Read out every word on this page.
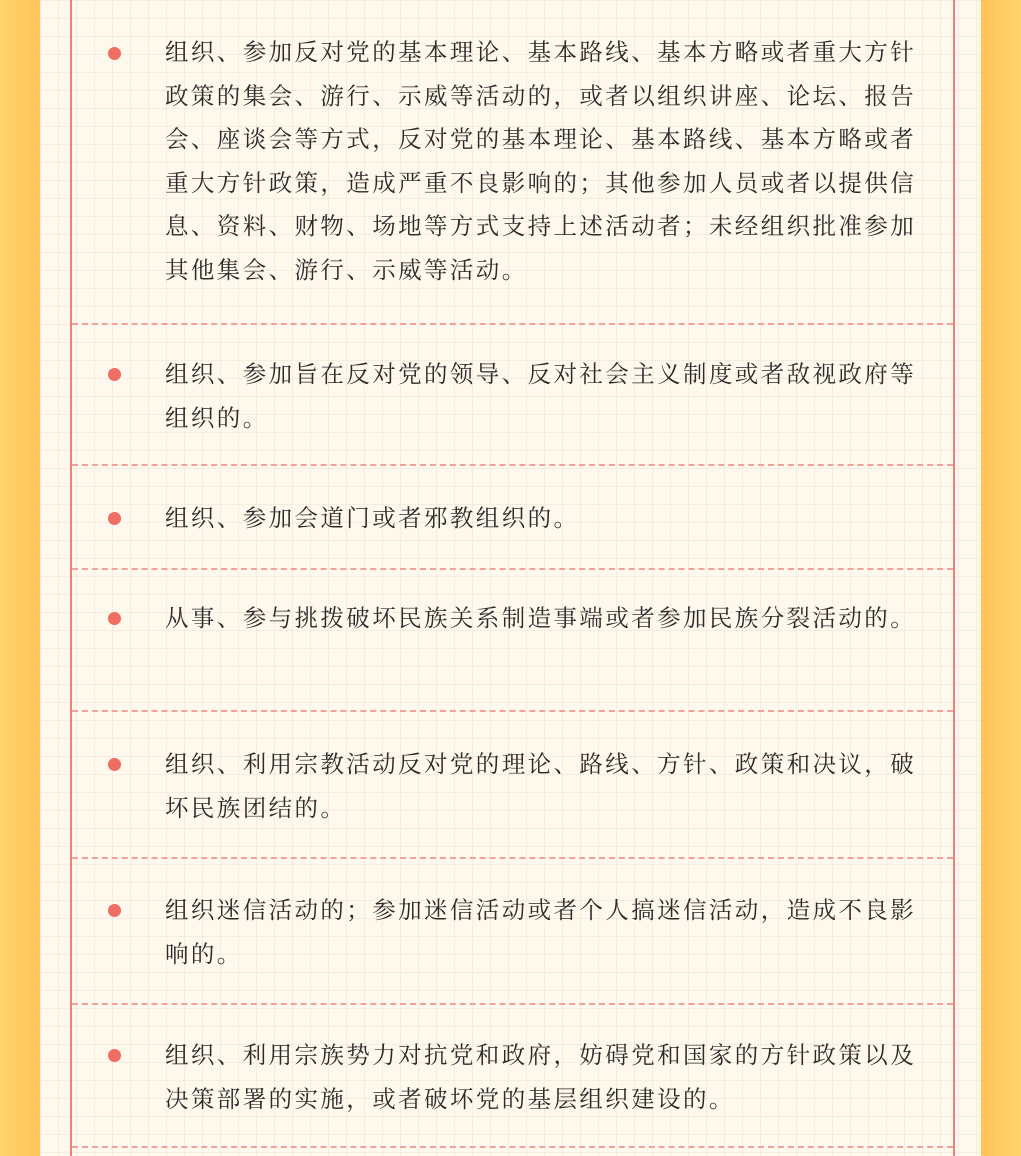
组织、参加反对党的基本理论、基本路线、基本方略或者重大方针政策的集会、游行、示威等活动的，或者以组织讲座、论坛、报告会、座谈会等方式，反对党的基本理论、基本路线、基本方略或者重大方针政策，造成严重不良影响的；其他参加人员或者以提供信息、资料、财物、场地等方式支持上述活动者；未经组织批准参加其他集会、游行、示威等活动。
组织、参加旨在反对党的领导、反对社会主义制度或者敌视政府等组织的。
组织、参加会道门或者邪教组织的。
从事、参与挑拨破坏民族关系制造事端或者参加民族分裂活动的。
组织、利用宗教活动反对党的理论、路线、方针、政策和决议，破坏民族团结的。
组织迷信活动的；参加迷信活动或者个人搞迷信活动，造成不良影响的。
组织、利用宗族势力对抗党和政府，妨碍党和国家的方针政策以及决策部署的实施，或者破坏党的基层组织建设的。
